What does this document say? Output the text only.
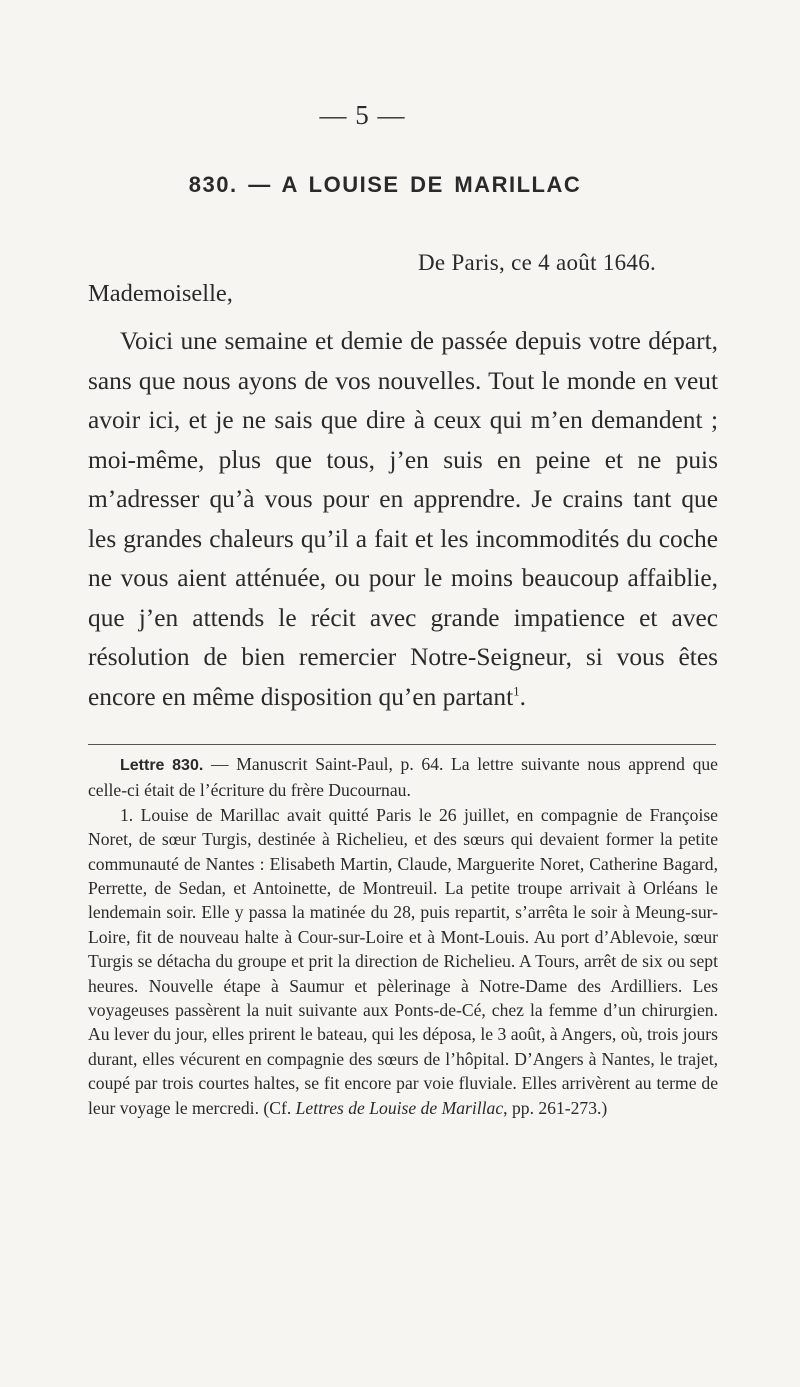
— 5 —
830. — A LOUISE DE MARILLAC
De Paris, ce 4 août 1646.
Mademoiselle,

Voici une semaine et demie de passée depuis votre départ, sans que nous ayons de vos nouvelles. Tout le monde en veut avoir ici, et je ne sais que dire à ceux qui m’en demandent ; moi-même, plus que tous, j’en suis en peine et ne puis m’adresser qu’à vous pour en apprendre. Je crains tant que les grandes chaleurs qu’il a fait et les incommodités du coche ne vous aient atténuée, ou pour le moins beaucoup affaiblie, que j’en attends le récit avec grande impatience et avec résolution de bien remercier Notre-Seigneur, si vous êtes encore en même disposition qu’en partant$^1$.

Lettre 830. — Manuscrit Saint-Paul, p. 64. La lettre suivante nous apprend que celle-ci était de l’écriture du frère Ducournau.

1. Louise de Marillac avait quitté Paris le 26 juillet, en compagnie de Françoise Noret, de sœur Turgis, destinée à Richelieu, et des sœurs qui devaient former la petite communauté de Nantes : Elisabeth Martin, Claude, Marguerite Noret, Catherine Bagard, Perrette, de Sedan, et Antoinette, de Montreuil. La petite troupe arrivait à Orléans le lendemain soir. Elle y passa la matinée du 28, puis repartit, s’arrêta le soir à Meung-sur-Loire, fit de nouveau halte à Cour-sur-Loire et à Mont-Louis. Au port d’Ablevoie, sœur Turgis se détacha du groupe et prit la direction de Richelieu. A Tours, arrêt de six ou sept heures. Nouvelle étape à Saumur et pèlerinage à Notre-Dame des Ardilliers. Les voyageuses passèrent la nuit suivante aux Ponts-de-Cé, chez la femme d’un chirurgien. Au lever du jour, elles prirent le bateau, qui les déposa, le 3 août, à Angers, où, trois jours durant, elles vécurent en compagnie des sœurs de l’hôpital. D’Angers à Nantes, le trajet, coupé par trois courtes haltes, se fit encore par voie fluviale. Elles arrivèrent au terme de leur voyage le mercredi. (Cf. Lettres de Louise de Marillac, pp. 261-273.)
